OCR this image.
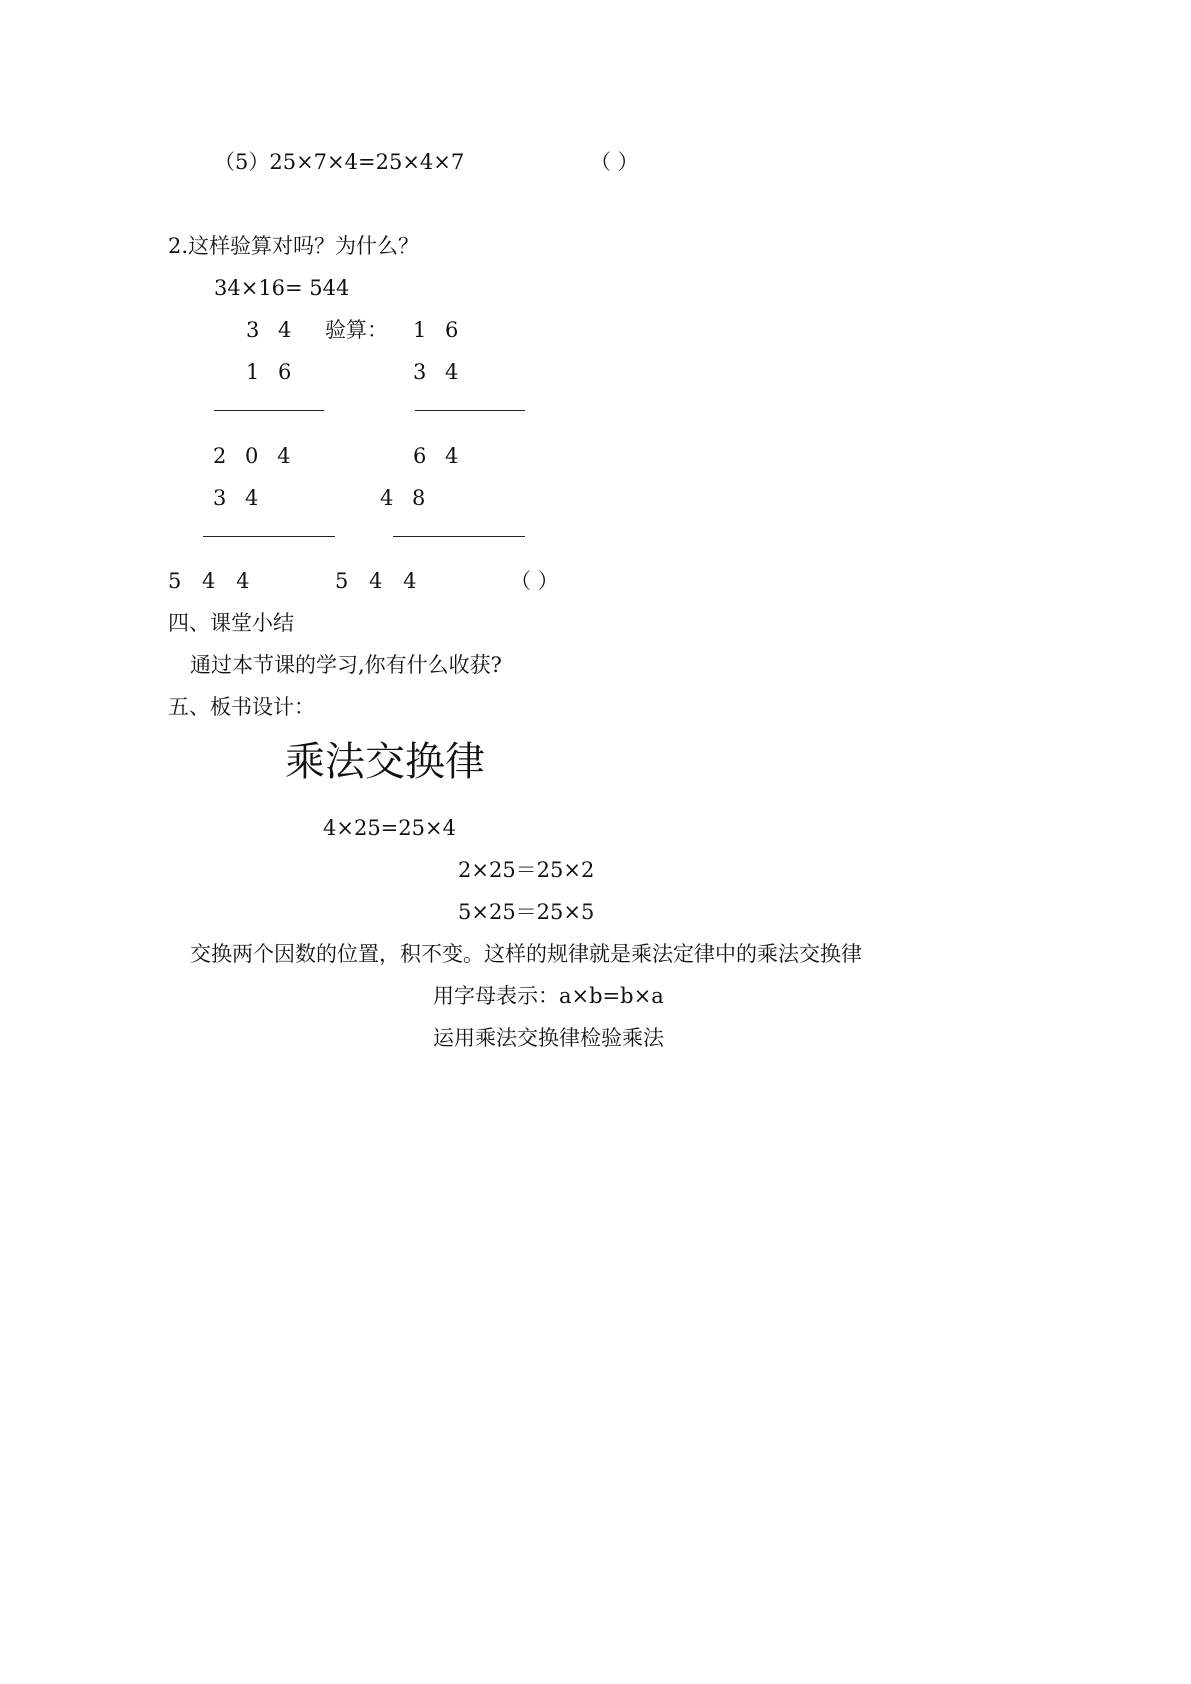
（5）25×7×4=25×4×7	（ ）
2.这样验算对吗？为什么？
34×16= 544
3 4 验算： 1 6
1 6	3 4
2 0 4	6 4
3 4	4 8
5 4 4	5 4 4	（ ）
四、课堂小结
通过本节课的学习,你有什么收获?
五、板书设计：
乘法交换律
4×25=25×4
2×25＝25×2
5×25＝25×5
交换两个因数的位置，积不变。这样的规律就是乘法定律中的乘法交换律
用字母表示：a×b=b×a
运用乘法交换律检验乘法
